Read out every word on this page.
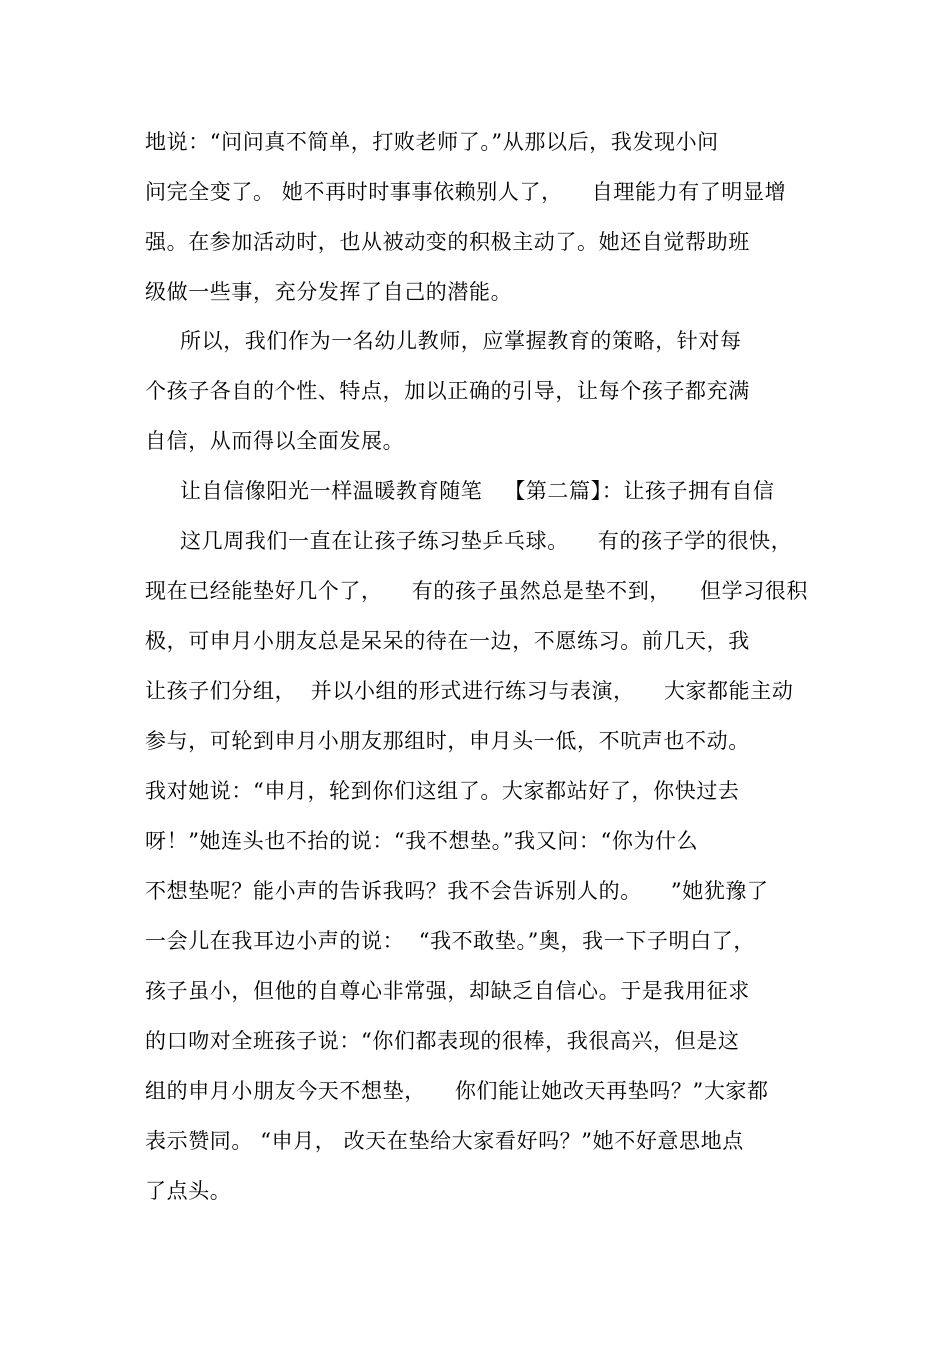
地说：“问问真不简单，打败老师了。”从那以后，我发现小问
问完全变了。 她不再时时事事依赖别人了，    自理能力有了明显增
强。在参加活动时，也从被动变的积极主动了。她还自觉帮助班
级做一些事，充分发挥了自己的潜能。
所以，我们作为一名幼儿教师，应掌握教育的策略，针对每
个孩子各自的个性、特点，加以正确的引导，让每个孩子都充满
自信，从而得以全面发展。
让自信像阳光一样温暖教育随笔   【第二篇】：让孩子拥有自信
这几周我们一直在让孩子练习垫乒乓球。    有的孩子学的很快，
现在已经能垫好几个了，    有的孩子虽然总是垫不到，    但学习很积
极，可申月小朋友总是呆呆的待在一边，不愿练习。前几天，我
让孩子们分组，  并以小组的形式进行练习与表演，    大家都能主动
参与，可轮到申月小朋友那组时，申月头一低，不吭声也不动。
我对她说：“申月，轮到你们这组了。大家都站好了，你快过去
呀！”她连头也不抬的说：“我不想垫。”我又问：“你为什么
不想垫呢？能小声的告诉我吗？我不会告诉别人的。    ”她犹豫了
一会儿在我耳边小声的说：  “我不敢垫。”奥，我一下子明白了，
孩子虽小，但他的自尊心非常强，却缺乏自信心。于是我用征求
的口吻对全班孩子说：“你们都表现的很棒，我很高兴，但是这
组的申月小朋友今天不想垫，    你们能让她改天再垫吗？”大家都
表示赞同。 “申月， 改天在垫给大家看好吗？”她不好意思地点
了点头。
